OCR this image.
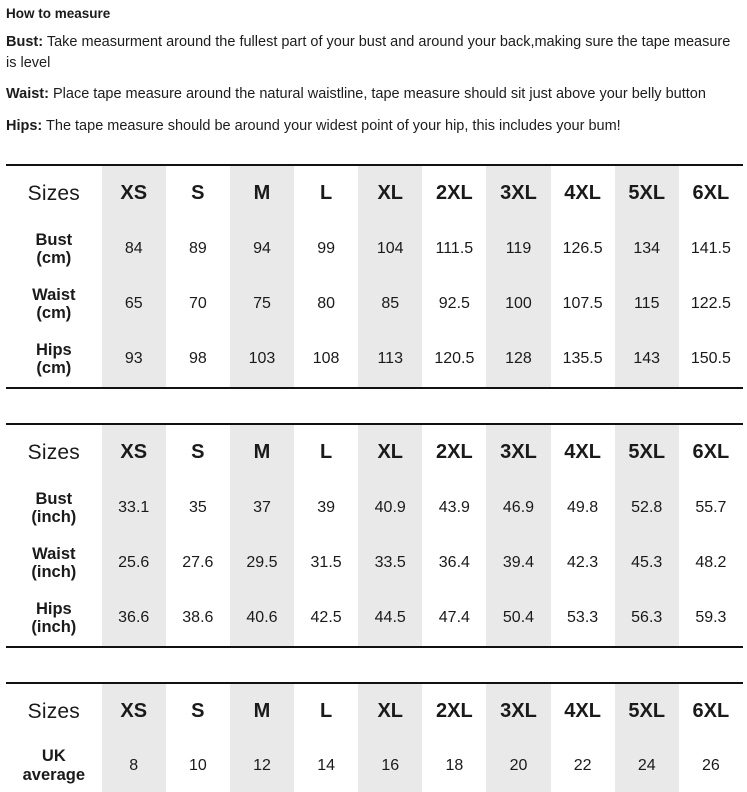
How to measure

Bust: Take measurment around the fullest part of your bust and around your back,making sure the tape measure is level

Waist: Place tape measure around the natural waistline, tape measure should sit just above your belly button

Hips: The tape measure should be around your widest point of your hip, this includes your bum!

Sizes	XS	S	M	L	XL	2XL	3XL	4XL	5XL	6XL
Bust
(cm)	84	89	94	99	104	111.5	119	126.5	134	141.5
Waist
(cm)	65	70	75	80	85	92.5	100	107.5	115	122.5
Hips
(cm)	93	98	103	108	113	120.5	128	135.5	143	150.5
Sizes	XS	S	M	L	XL	2XL	3XL	4XL	5XL	6XL
Bust
(inch)	33.1	35	37	39	40.9	43.9	46.9	49.8	52.8	55.7
Waist
(inch)	25.6	27.6	29.5	31.5	33.5	36.4	39.4	42.3	45.3	48.2
Hips
(inch)	36.6	38.6	40.6	42.5	44.5	47.4	50.4	53.3	56.3	59.3
Sizes	XS	S	M	L	XL	2XL	3XL	4XL	5XL	6XL
UK
average	8	10	12	14	16	18	20	22	24	26
